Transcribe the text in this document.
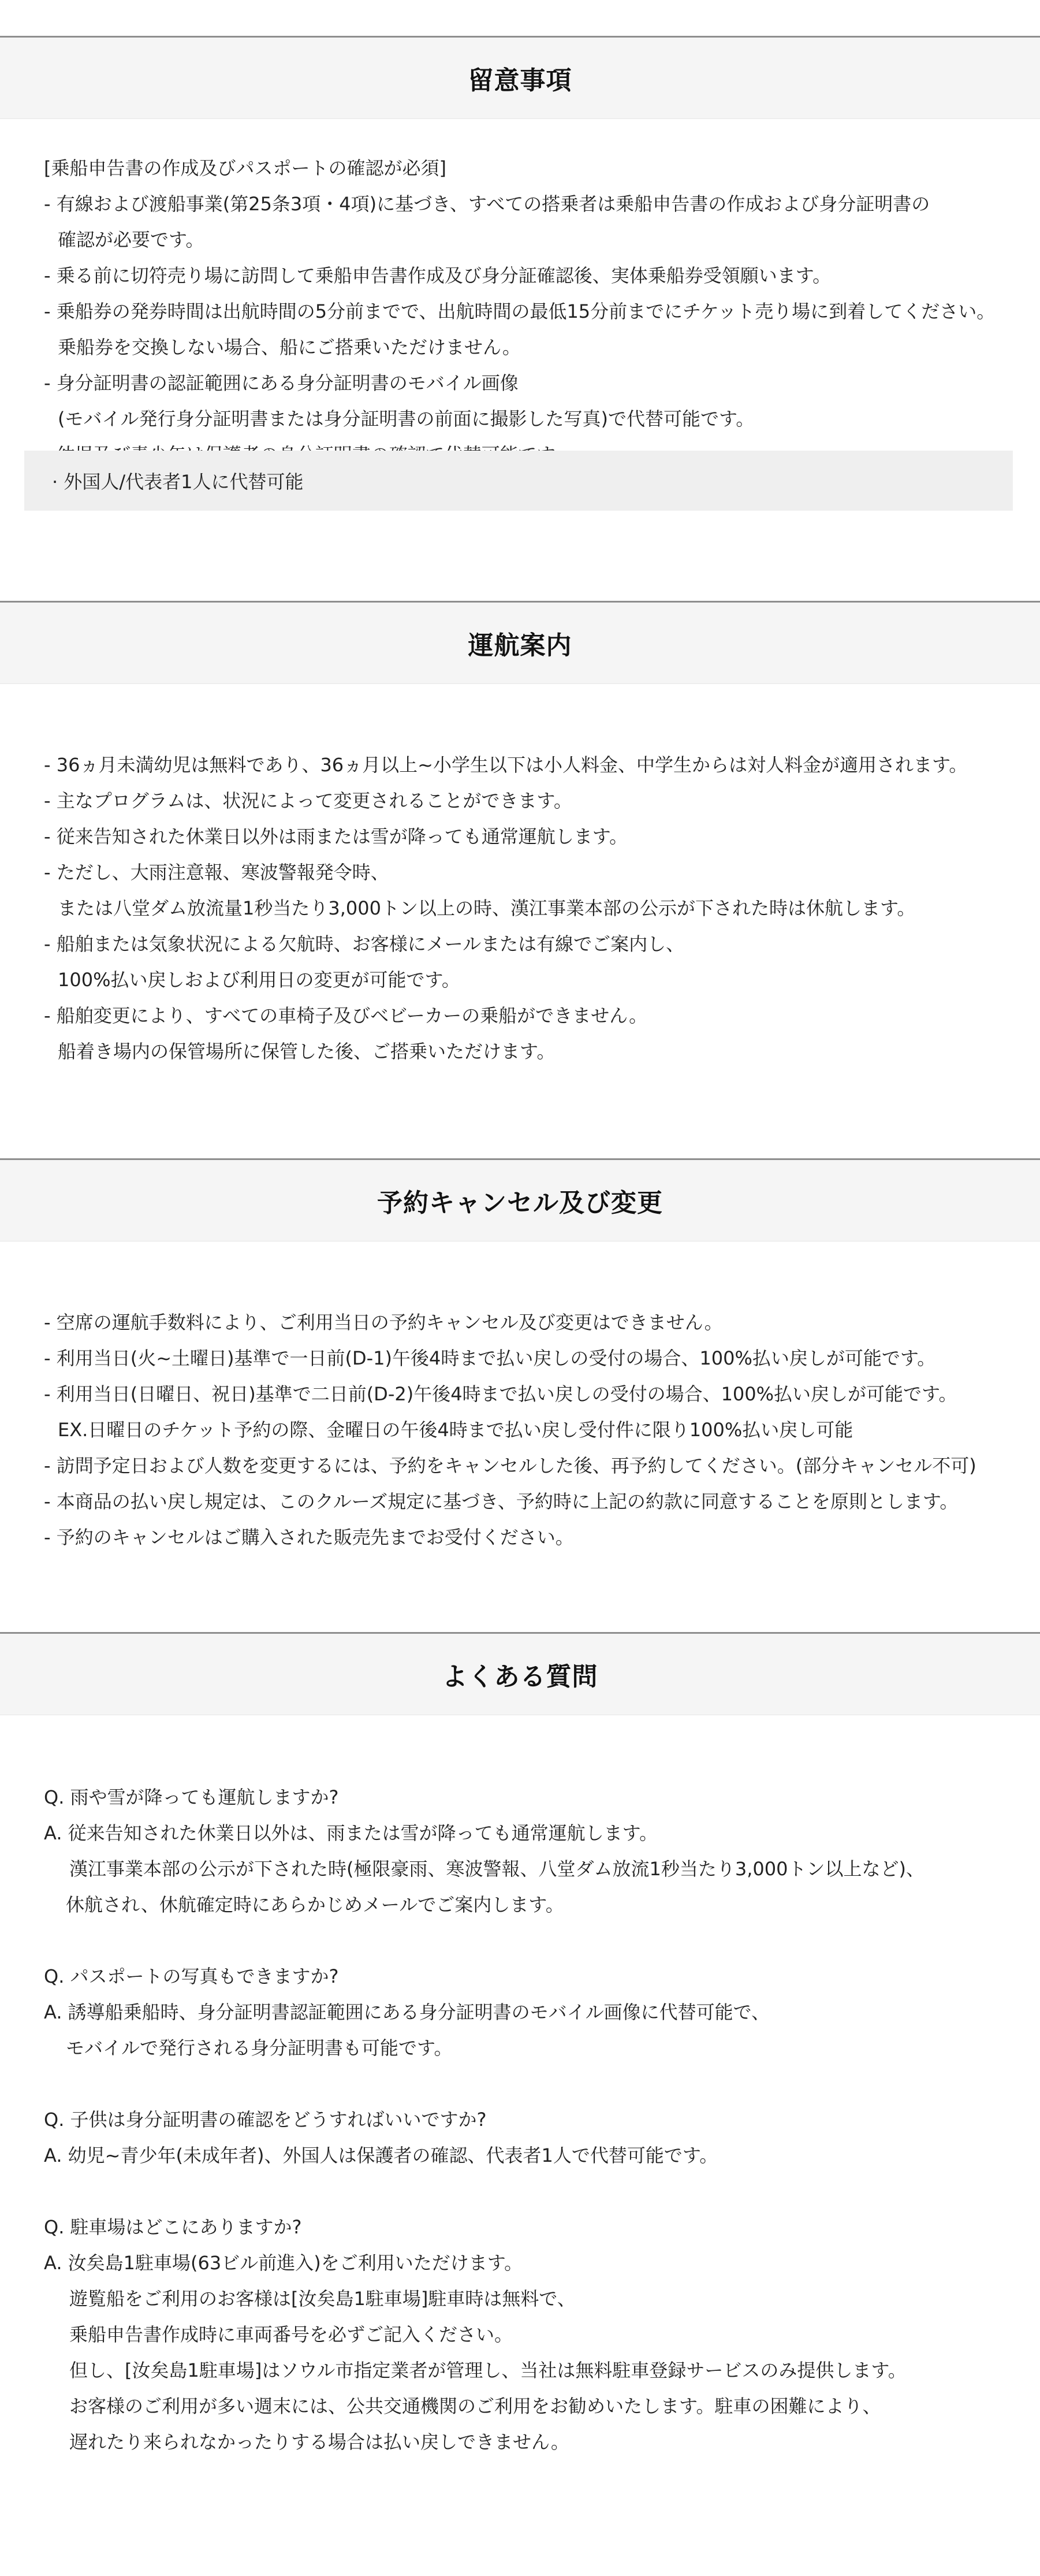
留意事項
[乗船申告書の作成及びパスポートの確認が必須]
- 有線および渡船事業(第25条3項・4項)に基づき、すべての搭乗者は乗船申告書の作成および身分証明書の
確認が必要です。
- 乗る前に切符売り場に訪問して乗船申告書作成及び身分証確認後、実体乗船券受領願います。
- 乗船券の発券時間は出航時間の5分前までで、出航時間の最低15分前までにチケット売り場に到着してください。
乗船券を交換しない場合、船にご搭乗いただけません。
- 身分証明書の認証範囲にある身分証明書のモバイル画像
(モバイル発行身分証明書または身分証明書の前面に撮影した写真)で代替可能です。
· 外国人/代表者1人に代替可能
運航案内
- 36ヵ月未満幼児は無料であり、36ヵ月以上~小学生以下は小人料金、中学生からは対人料金が適用されます。
- 主なプログラムは、状況によって変更されることができます。
- 従来告知された休業日以外は雨または雪が降っても通常運航します。
- ただし、大雨注意報、寒波警報発令時、
または八堂ダム放流量1秒当たり3,000トン以上の時、漢江事業本部の公示が下された時は休航します。
- 船舶または気象状況による欠航時、お客様にメールまたは有線でご案内し、
100%払い戻しおよび利用日の変更が可能です。
- 船舶変更により、すべての車椅子及びベビーカーの乗船ができません。
船着き場内の保管場所に保管した後、ご搭乗いただけます。
予約キャンセル及び変更
- 空席の運航手数料により、ご利用当日の予約キャンセル及び変更はできません。
- 利用当日(火~土曜日)基準で一日前(D-1)午後4時まで払い戻しの受付の場合、100%払い戻しが可能です。
- 利用当日(日曜日、祝日)基準で二日前(D-2)午後4時まで払い戻しの受付の場合、100%払い戻しが可能です。
EX.日曜日のチケット予約の際、金曜日の午後4時まで払い戻し受付件に限り100%払い戻し可能
- 訪問予定日および人数を変更するには、予約をキャンセルした後、再予約してください。(部分キャンセル不可)
- 本商品の払い戻し規定は、このクルーズ規定に基づき、予約時に上記の約款に同意することを原則とします。
- 予約のキャンセルはご購入された販売先までお受付ください。
よくある質問
Q. 雨や雪が降っても運航しますか?
A. 従来告知された休業日以外は、雨または雪が降っても通常運航します。
漢江事業本部の公示が下された時(極限豪雨、寒波警報、八堂ダム放流1秒当たり3,000トン以上など)、
休航され、休航確定時にあらかじめメールでご案内します。
Q. パスポートの写真もできますか?
A. 誘導船乗船時、身分証明書認証範囲にある身分証明書のモバイル画像に代替可能で、
モバイルで発行される身分証明書も可能です。
Q. 子供は身分証明書の確認をどうすればいいですか?
A. 幼児~青少年(未成年者)、外国人は保護者の確認、代表者1人で代替可能です。
Q. 駐車場はどこにありますか?
A. 汝矣島1駐車場(63ビル前進入)をご利用いただけます。
遊覧船をご利用のお客様は[汝矣島1駐車場]駐車時は無料で、
乗船申告書作成時に車両番号を必ずご記入ください。
但し、[汝矣島1駐車場]はソウル市指定業者が管理し、当社は無料駐車登録サービスのみ提供します。
お客様のご利用が多い週末には、公共交通機関のご利用をお勧めいたします。駐車の困難により、
遅れたり来られなかったりする場合は払い戻しできません。
